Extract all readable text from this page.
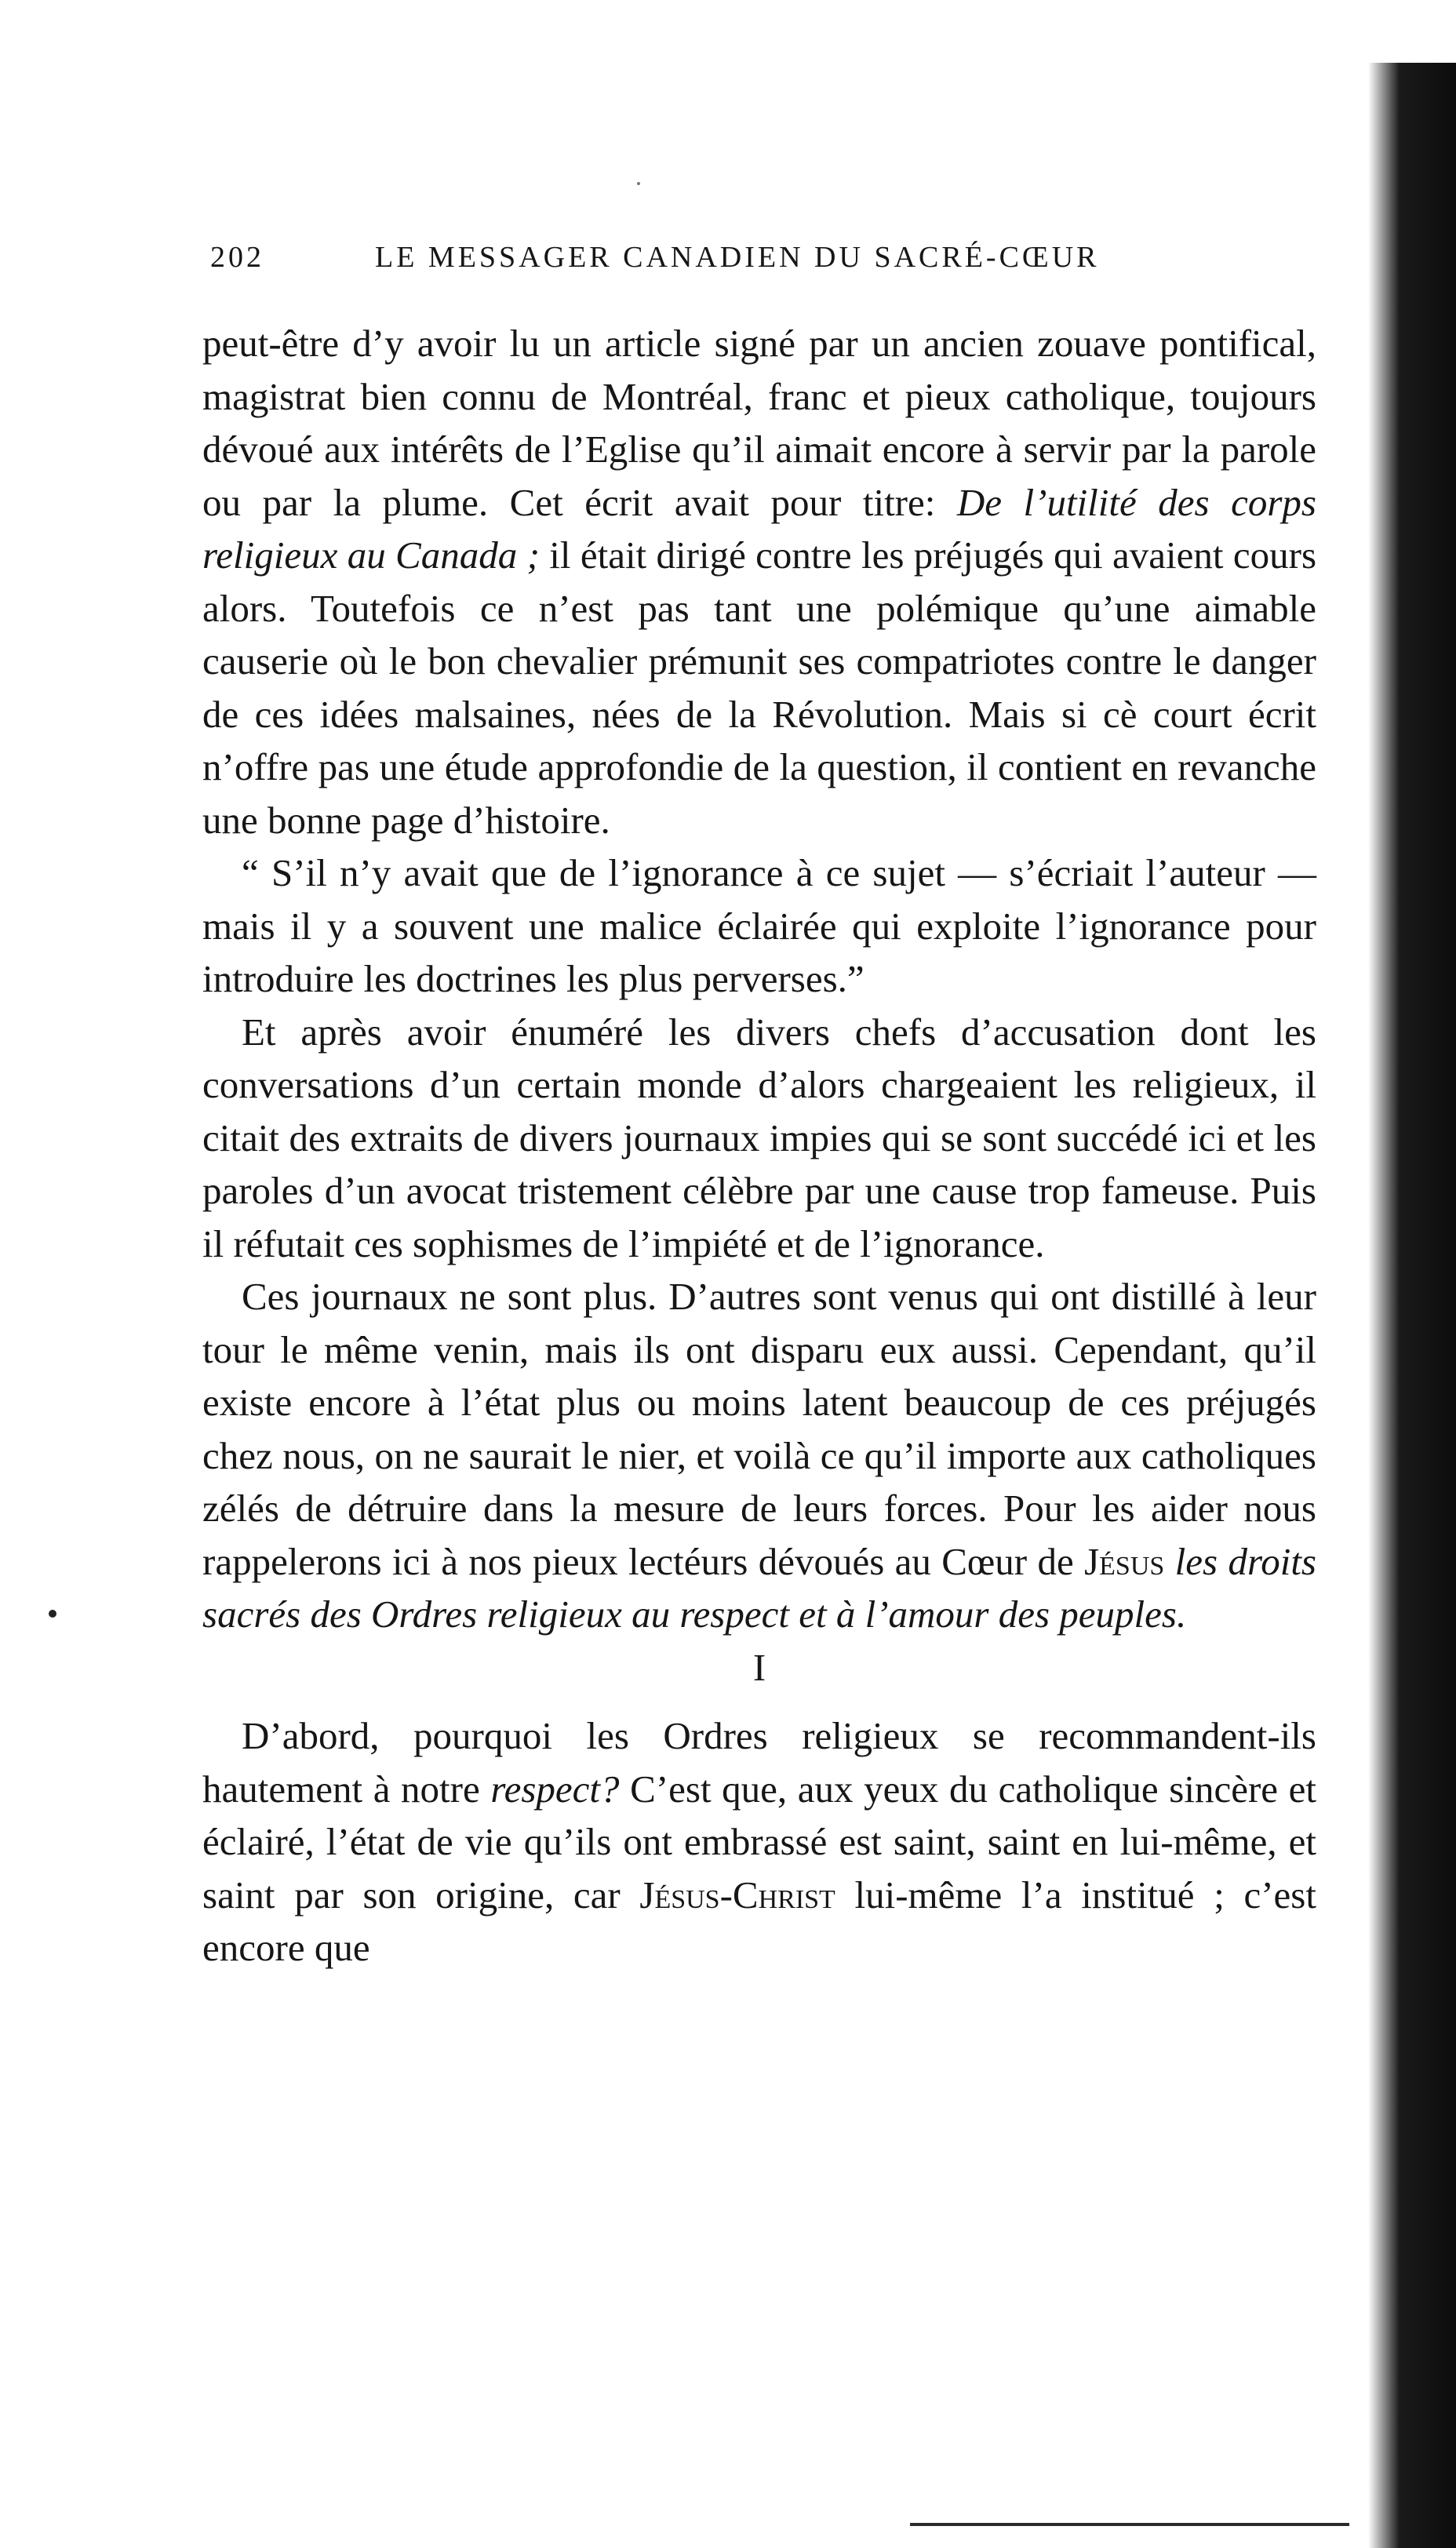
202	LE MESSAGER CANADIEN DU SACRÉ-CŒUR

peut-être d’y avoir lu un article signé par un ancien zouave pontifical, magistrat bien connu de Montréal, franc et pieux catholique, toujours dévoué aux intérêts de l’Eglise qu’il aimait encore à servir par la parole ou par la plume. Cet écrit avait pour titre: De l’utilité des corps religieux au Canada ; il était dirigé contre les préjugés qui avaient cours alors. Toutefois ce n’est pas tant une polémique qu’une aimable causerie où le bon chevalier prémunit ses compatriotes contre le danger de ces idées malsaines, nées de la Révolution. Mais si cè court écrit n’offre pas une étude approfondie de la question, il contient en revanche une bonne page d’histoire.

“ S’il n’y avait que de l’ignorance à ce sujet — s’écriait l’auteur — mais il y a souvent une malice éclairée qui exploite l’ignorance pour introduire les doctrines les plus perverses.”

Et après avoir énuméré les divers chefs d’accusation dont les conversations d’un certain monde d’alors chargeaient les religieux, il citait des extraits de divers journaux impies qui se sont succédé ici et les paroles d’un avocat tristement célèbre par une cause trop fameuse. Puis il réfutait ces sophismes de l’impiété et de l’ignorance.

Ces journaux ne sont plus. D’autres sont venus qui ont distillé à leur tour le même venin, mais ils ont disparu eux aussi. Cependant, qu’il existe encore à l’état plus ou moins latent beaucoup de ces préjugés chez nous, on ne saurait le nier, et voilà ce qu’il importe aux catholiques zélés de détruire dans la mesure de leurs forces. Pour les aider nous rappelerons ici à nos pieux lectéurs dévoués au Cœur de Jésus les droits sacrés des Ordres religieux au respect et à l’amour des peuples.

I

D’abord, pourquoi les Ordres religieux se recommandent-ils hautement à notre respect? C’est que, aux yeux du catholique sincère et éclairé, l’état de vie qu’ils ont embrassé est saint, saint en lui-même, et saint par son origine, car Jésus-Christ lui-même l’a institué ; c’est encore que
